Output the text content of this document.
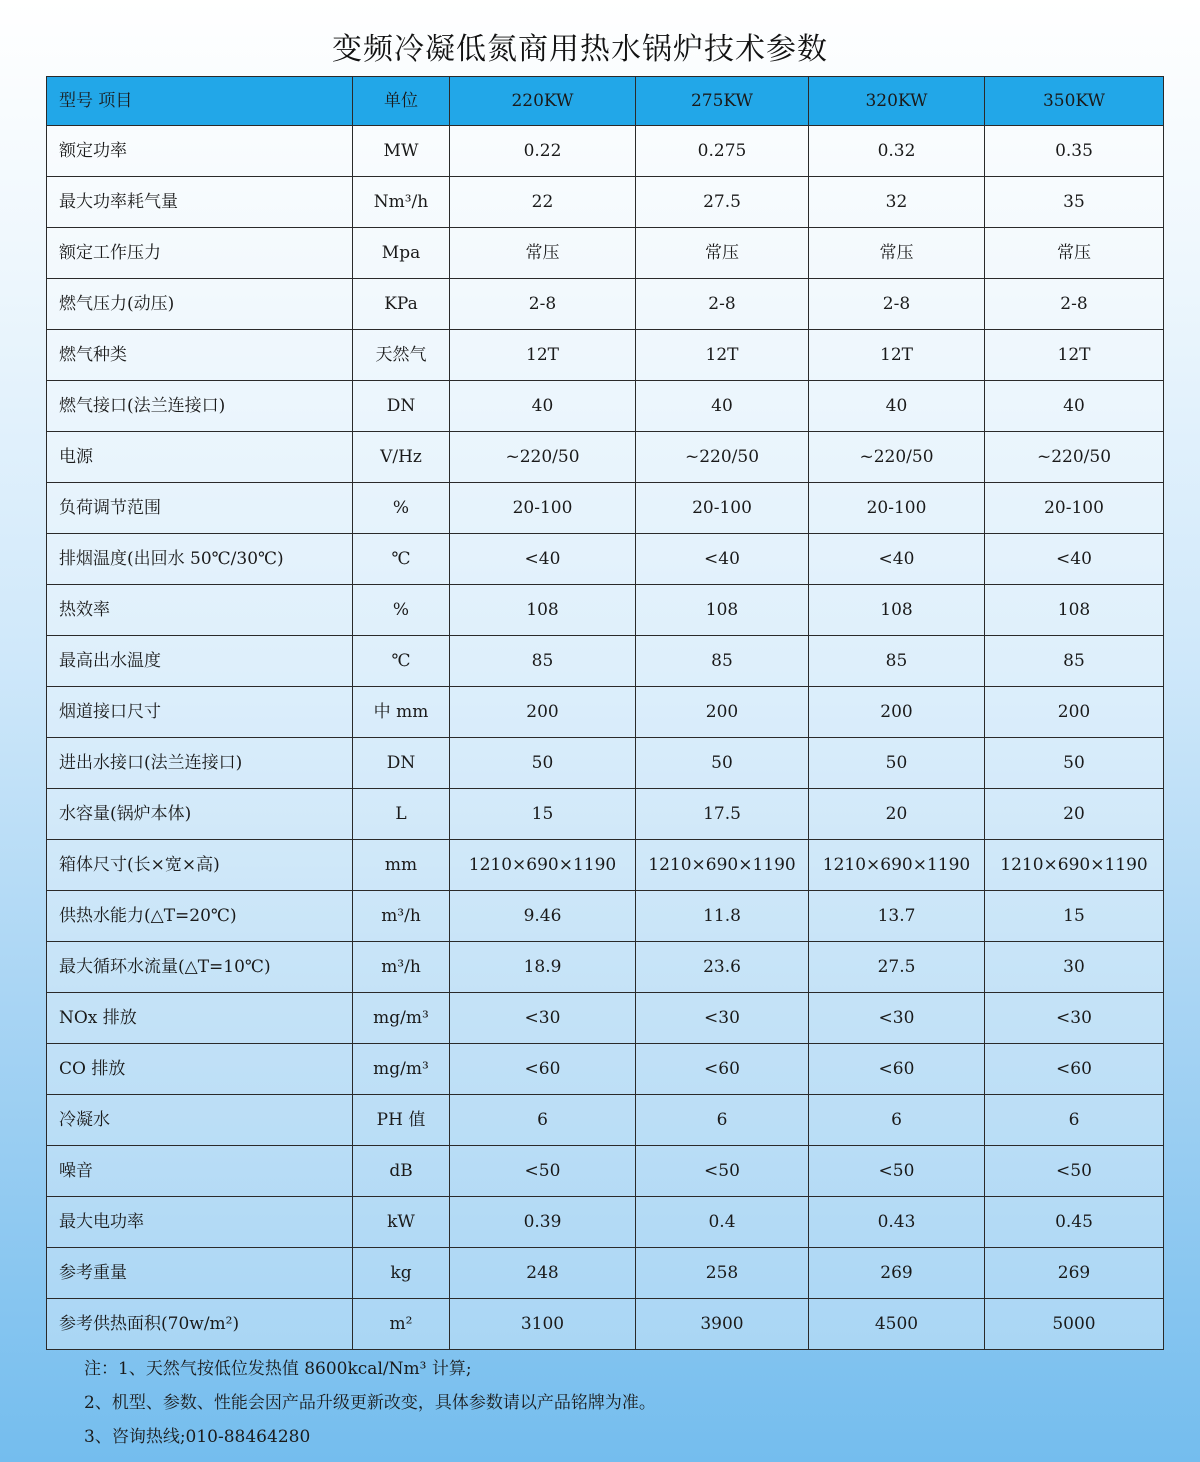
变频冷凝低氮商用热水锅炉技术参数
型号 项目	单位	220KW	275KW	320KW	350KW
额定功率	MW	0.22	0.275	0.32	0.35
最大功率耗气量	Nm³/h	22	27.5	32	35
额定工作压力	Mpa	常压	常压	常压	常压
燃气压力(动压)	KPa	2-8	2-8	2-8	2-8
燃气种类	天然气	12T	12T	12T	12T
燃气接口(法兰连接口)	DN	40	40	40	40
电源	V/Hz	~220/50	~220/50	~220/50	~220/50
负荷调节范围	%	20-100	20-100	20-100	20-100
排烟温度(出回水 50℃/30℃)	℃	<40	<40	<40	<40
热效率	%	108	108	108	108
最高出水温度	℃	85	85	85	85
烟道接口尺寸	中 mm	200	200	200	200
进出水接口(法兰连接口)	DN	50	50	50	50
水容量(锅炉本体)	L	15	17.5	20	20
箱体尺寸(长×宽×高)	mm	1210×690×1190	1210×690×1190	1210×690×1190	1210×690×1190
供热水能力(△T=20℃)	m³/h	9.46	11.8	13.7	15
最大循环水流量(△T=10℃)	m³/h	18.9	23.6	27.5	30
NOx 排放	mg/m³	<30	<30	<30	<30
CO 排放	mg/m³	<60	<60	<60	<60
冷凝水	PH 值	6	6	6	6
噪音	dB	<50	<50	<50	<50
最大电功率	kW	0.39	0.4	0.43	0.45
参考重量	kg	248	258	269	269
参考供热面积(70w/m²)	m²	3100	3900	4500	5000
注：1、天然气按低位发热值 8600kcal/Nm³ 计算;
2、机型、参数、性能会因产品升级更新改变，具体参数请以产品铭牌为准。
3、咨询热线;010-88464280
